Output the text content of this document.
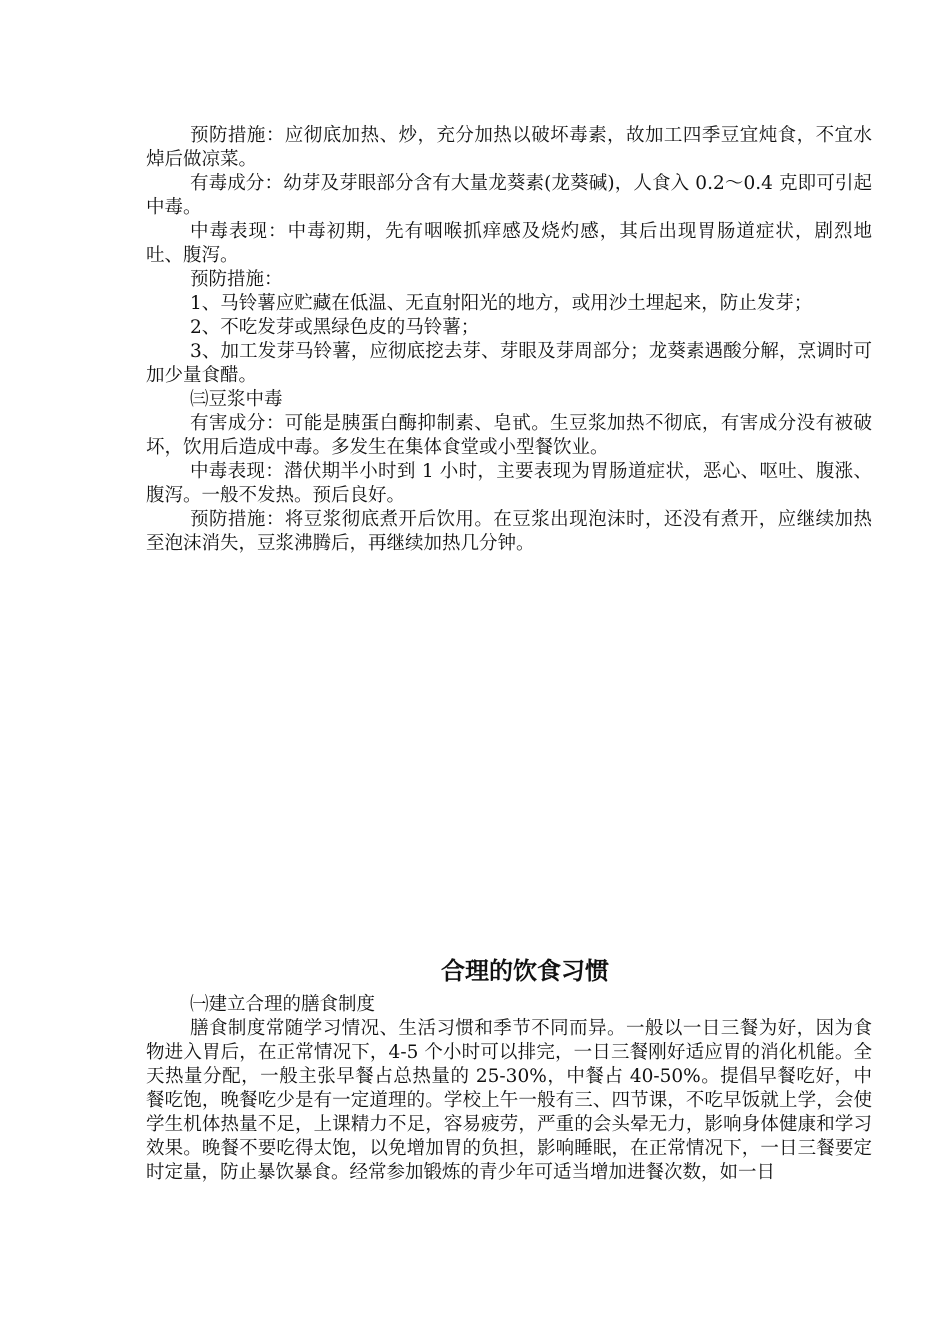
预防措施：应彻底加热、炒，充分加热以破坏毒素，故加工四季豆宜炖食，不宜水焯后做凉菜。

有毒成分：幼芽及芽眼部分含有大量龙葵素(龙葵碱)，人食入 0.2～0.4 克即可引起中毒。

中毒表现：中毒初期，先有咽喉抓痒感及烧灼感，其后出现胃肠道症状，剧烈地吐、腹泻。

预防措施：

1、马铃薯应贮藏在低温、无直射阳光的地方，或用沙土埋起来，防止发芽；

2、不吃发芽或黑绿色皮的马铃薯；

3、加工发芽马铃薯，应彻底挖去芽、芽眼及芽周部分；龙葵素遇酸分解，烹调时可加少量食醋。

㈢豆浆中毒

有害成分：可能是胰蛋白酶抑制素、皂甙。生豆浆加热不彻底，有害成分没有被破坏，饮用后造成中毒。多发生在集体食堂或小型餐饮业。

中毒表现：潜伏期半小时到 1 小时，主要表现为胃肠道症状，恶心、呕吐、腹涨、腹泻。一般不发热。预后良好。

预防措施：将豆浆彻底煮开后饮用。在豆浆出现泡沫时，还没有煮开，应继续加热至泡沫消失，豆浆沸腾后，再继续加热几分钟。

合理的饮食习惯

㈠建立合理的膳食制度

膳食制度常随学习情况、生活习惯和季节不同而异。一般以一日三餐为好，因为食物进入胃后，在正常情况下，4-5 个小时可以排完，一日三餐刚好适应胃的消化机能。全天热量分配，一般主张早餐占总热量的 25-30%，中餐占 40-50%。提倡早餐吃好，中餐吃饱，晚餐吃少是有一定道理的。学校上午一般有三、四节课，不吃早饭就上学，会使学生机体热量不足，上课精力不足，容易疲劳，严重的会头晕无力，影响身体健康和学习效果。晚餐不要吃得太饱，以免增加胃的负担，影响睡眠，在正常情况下，一日三餐要定时定量，防止暴饮暴食。经常参加锻炼的青少年可适当增加进餐次数，如一日
